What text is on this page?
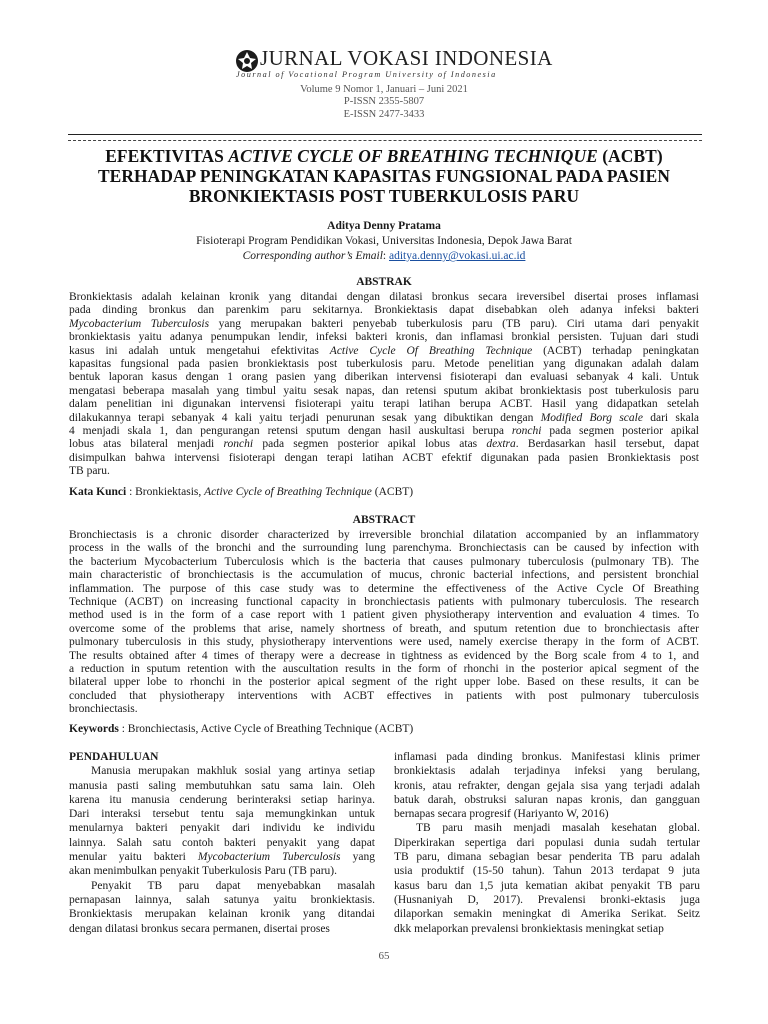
JURNAL VOKASI INDONESIA
Journal of Vocational Program University of Indonesia
Volume 9 Nomor 1, Januari – Juni 2021
P-ISSN 2355-5807
E-ISSN 2477-3433
EFEKTIVITAS ACTIVE CYCLE OF BREATHING TECHNIQUE (ACBT)
TERHADAP PENINGKATAN KAPASITAS FUNGSIONAL PADA PASIEN
BRONKIEKTASIS POST TUBERKULOSIS PARU
Aditya Denny Pratama
Fisioterapi Program Pendidikan Vokasi, Universitas Indonesia, Depok Jawa Barat
Corresponding author’s Email: aditya.denny@vokasi.ui.ac.id
ABSTRAK
Bronkiektasis adalah kelainan kronik yang ditandai dengan dilatasi bronkus secara ireversibel disertai proses inflamasi
pada dinding bronkus dan parenkim paru sekitarnya. Bronkiektasis dapat disebabkan oleh adanya infeksi bakteri
Mycobacterium Tuberculosis yang merupakan bakteri penyebab tuberkulosis paru (TB paru). Ciri utama dari penyakit
bronkiektasis yaitu adanya penumpukan lendir, infeksi bakteri kronis, dan inflamasi bronkial persisten. Tujuan dari studi
kasus ini adalah untuk mengetahui efektivitas Active Cycle Of Breathing Technique (ACBT) terhadap peningkatan
kapasitas fungsional pada pasien bronkiektasis post tuberkulosis paru. Metode penelitian yang digunakan adalah dalam
bentuk laporan kasus dengan 1 orang pasien yang diberikan intervensi fisioterapi dan evaluasi sebanyak 4 kali. Untuk
mengatasi beberapa masalah yang timbul yaitu sesak napas, dan retensi sputum akibat bronkiektasis post tuberkulosis paru
dalam penelitian ini digunakan intervensi fisioterapi yaitu terapi latihan berupa ACBT. Hasil yang didapatkan setelah
dilakukannya terapi sebanyak 4 kali yaitu terjadi penurunan sesak yang dibuktikan dengan Modified Borg scale dari skala
4 menjadi skala 1, dan pengurangan retensi sputum dengan hasil auskultasi berupa ronchi pada segmen posterior apikal
lobus atas bilateral menjadi ronchi pada segmen posterior apikal lobus atas dextra. Berdasarkan hasil tersebut, dapat
disimpulkan bahwa intervensi fisioterapi dengan terapi latihan ACBT efektif digunakan pada pasien Bronkiektasis post
TB paru.
Kata Kunci : Bronkiektasis, Active Cycle of Breathing Technique (ACBT)
ABSTRACT
Bronchiectasis is a chronic disorder characterized by irreversible bronchial dilatation accompanied by an inflammatory
process in the walls of the bronchi and the surrounding lung parenchyma. Bronchiectasis can be caused by infection with
the bacterium Mycobacterium Tuberculosis which is the bacteria that causes pulmonary tuberculosis (pulmonary TB). The
main characteristic of bronchiectasis is the accumulation of mucus, chronic bacterial infections, and persistent bronchial
inflammation. The purpose of this case study was to determine the effectiveness of the Active Cycle Of Breathing
Technique (ACBT) on increasing functional capacity in bronchiectasis patients with pulmonary tuberculosis. The research
method used is in the form of a case report with 1 patient given physiotherapy intervention and evaluation 4 times. To
overcome some of the problems that arise, namely shortness of breath, and sputum retention due to bronchiectasis after
pulmonary tuberculosis in this study, physiotherapy interventions were used, namely exercise therapy in the form of ACBT.
The results obtained after 4 times of therapy were a decrease in tightness as evidenced by the Borg scale from 4 to 1, and
a reduction in sputum retention with the auscultation results in the form of rhonchi in the posterior apical segment of the
bilateral upper lobe to rhonchi in the posterior apical segment of the right upper lobe. Based on these results, it can be
concluded that physiotherapy interventions with ACBT effectives in patients with post pulmonary tuberculosis
bronchiectasis.
Keywords : Bronchiectasis, Active Cycle of Breathing Technique (ACBT)
PENDAHULUAN
Manusia merupakan makhluk sosial yang artinya setiap
manusia pasti saling membutuhkan satu sama lain. Oleh
karena itu manusia cenderung berinteraksi setiap harinya.
Dari interaksi tersebut tentu saja memungkinkan untuk
menularnya bakteri penyakit dari individu ke individu
lainnya. Salah satu contoh bakteri penyakit yang dapat
menular yaitu bakteri Mycobacterium Tuberculosis yang
akan menimbulkan penyakit Tuberkulosis Paru (TB paru).
Penyakit TB paru dapat menyebabkan masalah
pernapasan lainnya, salah satunya yaitu bronkiektasis.
Bronkiektasis merupakan kelainan kronik yang ditandai
dengan dilatasi bronkus secara permanen, disertai proses
inflamasi pada dinding bronkus. Manifestasi klinis primer
bronkiektasis adalah terjadinya infeksi yang berulang,
kronis, atau refrakter, dengan gejala sisa yang terjadi adalah
batuk darah, obstruksi saluran napas kronis, dan gangguan
bernapas secara progresif (Hariyanto W, 2016)
TB paru masih menjadi masalah kesehatan global.
Diperkirakan sepertiga dari populasi dunia sudah tertular
TB paru, dimana sebagian besar penderita TB paru adalah
usia produktif (15-50 tahun). Tahun 2013 terdapat 9 juta
kasus baru dan 1,5 juta kematian akibat penyakit TB paru
(Husnaniyah D, 2017). Prevalensi bronki-ektasis juga
dilaporkan semakin meningkat di Amerika Serikat. Seitz
dkk melaporkan prevalensi bronkiektasis meningkat setiap
65
